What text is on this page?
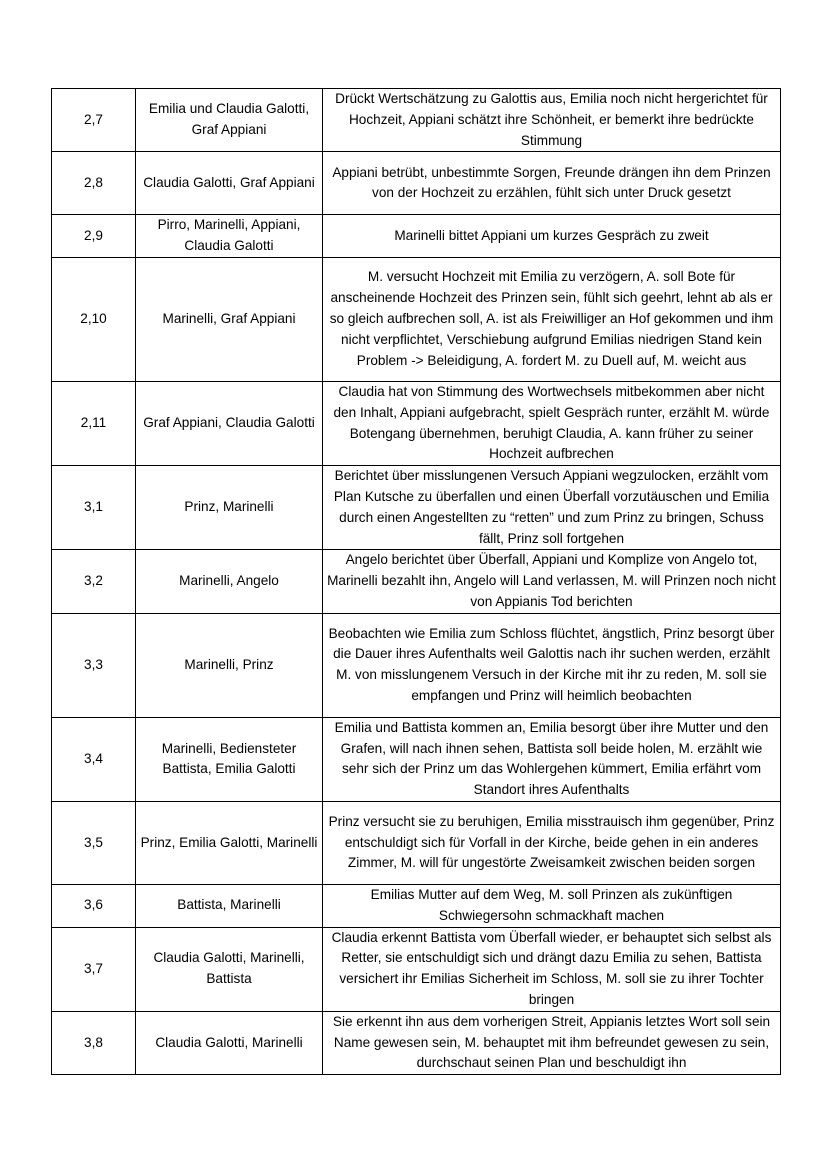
2,7	Emilia und Claudia Galotti, Graf Appiani	Drückt Wertschätzung zu Galottis aus, Emilia noch nicht hergerichtet für Hochzeit, Appiani schätzt ihre Schönheit, er bemerkt ihre bedrückte Stimmung
2,8	Claudia Galotti, Graf Appiani	Appiani betrübt, unbestimmte Sorgen, Freunde drängen ihn dem Prinzen von der Hochzeit zu erzählen, fühlt sich unter Druck gesetzt
2,9	Pirro, Marinelli, Appiani, Claudia Galotti	Marinelli bittet Appiani um kurzes Gespräch zu zweit
2,10	Marinelli, Graf Appiani	M. versucht Hochzeit mit Emilia zu verzögern, A. soll Bote für anscheinende Hochzeit des Prinzen sein, fühlt sich geehrt, lehnt ab als er so gleich aufbrechen soll, A. ist als Freiwilliger an Hof gekommen und ihm nicht verpflichtet, Verschiebung aufgrund Emilias niedrigen Stand kein Problem -> Beleidigung, A. fordert M. zu Duell auf, M. weicht aus
2,11	Graf Appiani, Claudia Galotti	Claudia hat von Stimmung des Wortwechsels mitbekommen aber nicht den Inhalt, Appiani aufgebracht, spielt Gespräch runter, erzählt M. würde Botengang übernehmen, beruhigt Claudia, A. kann früher zu seiner Hochzeit aufbrechen
3,1	Prinz, Marinelli	Berichtet über misslungenen Versuch Appiani wegzulocken, erzählt vom Plan Kutsche zu überfallen und einen Überfall vorzutäuschen und Emilia durch einen Angestellten zu “retten” und zum Prinz zu bringen, Schuss fällt, Prinz soll fortgehen
3,2	Marinelli, Angelo	Angelo berichtet über Überfall, Appiani und Komplize von Angelo tot, Marinelli bezahlt ihn, Angelo will Land verlassen, M. will Prinzen noch nicht von Appianis Tod berichten
3,3	Marinelli, Prinz	Beobachten wie Emilia zum Schloss flüchtet, ängstlich, Prinz besorgt über die Dauer ihres Aufenthalts weil Galottis nach ihr suchen werden, erzählt M. von misslungenem Versuch in der Kirche mit ihr zu reden, M. soll sie empfangen und Prinz will heimlich beobachten
3,4	Marinelli, Bediensteter Battista, Emilia Galotti	Emilia und Battista kommen an, Emilia besorgt über ihre Mutter und den Grafen, will nach ihnen sehen, Battista soll beide holen, M. erzählt wie sehr sich der Prinz um das Wohlergehen kümmert, Emilia erfährt vom Standort ihres Aufenthalts
3,5	Prinz, Emilia Galotti, Marinelli	Prinz versucht sie zu beruhigen, Emilia misstrauisch ihm gegenüber, Prinz entschuldigt sich für Vorfall in der Kirche, beide gehen in ein anderes Zimmer, M. will für ungestörte Zweisamkeit zwischen beiden sorgen
3,6	Battista, Marinelli	Emilias Mutter auf dem Weg, M. soll Prinzen als zukünftigen Schwiegersohn schmackhaft machen
3,7	Claudia Galotti, Marinelli, Battista	Claudia erkennt Battista vom Überfall wieder, er behauptet sich selbst als Retter, sie entschuldigt sich und drängt dazu Emilia zu sehen, Battista versichert ihr Emilias Sicherheit im Schloss, M. soll sie zu ihrer Tochter bringen
3,8	Claudia Galotti, Marinelli	Sie erkennt ihn aus dem vorherigen Streit, Appianis letztes Wort soll sein Name gewesen sein, M. behauptet mit ihm befreundet gewesen zu sein, durchschaut seinen Plan und beschuldigt ihn
